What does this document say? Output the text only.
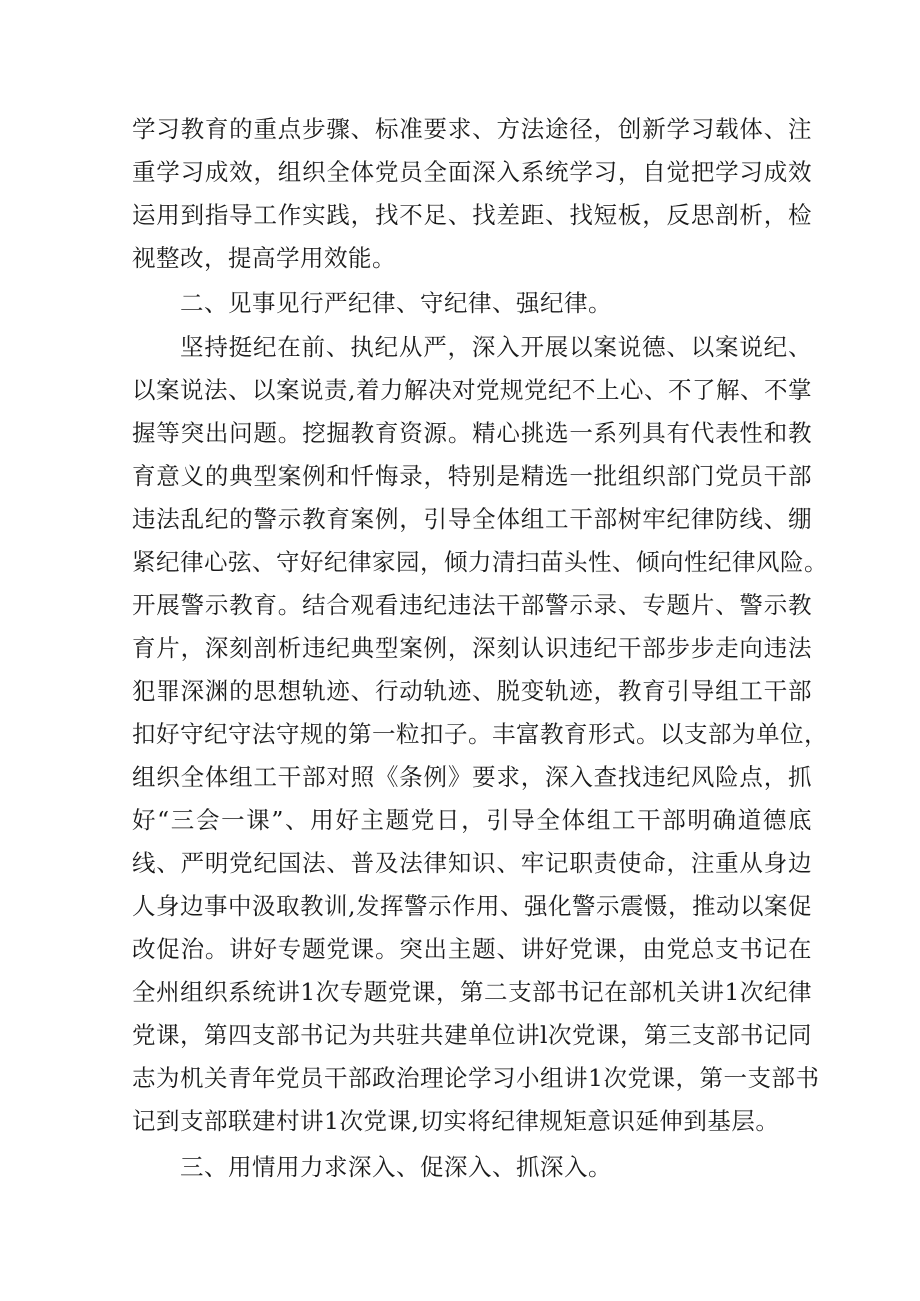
学习教育的重点步骤、标准要求、方法途径，创新学习载体、注
重学习成效，组织全体党员全面深入系统学习，自觉把学习成效
运用到指导工作实践，找不足、找差距、找短板，反思剖析，检
视整改，提高学用效能。
二、见事见行严纪律、守纪律、强纪律。
坚持挺纪在前、执纪从严，深入开展以案说德、以案说纪、
以案说法、以案说责,着力解决对党规党纪不上心、不了解、不掌
握等突出问题。挖掘教育资源。精心挑选一系列具有代表性和教
育意义的典型案例和忏悔录，特别是精选一批组织部门党员干部
违法乱纪的警示教育案例，引导全体组工干部树牢纪律防线、绷
紧纪律心弦、守好纪律家园，倾力清扫苗头性、倾向性纪律风险。
开展警示教育。结合观看违纪违法干部警示录、专题片、警示教
育片，深刻剖析违纪典型案例，深刻认识违纪干部步步走向违法
犯罪深渊的思想轨迹、行动轨迹、脱变轨迹，教育引导组工干部
扣好守纪守法守规的第一粒扣子。丰富教育形式。以支部为单位，
组织全体组工干部对照《条例》要求，深入查找违纪风险点，抓
好“三会一课”、用好主题党日，引导全体组工干部明确道德底
线、严明党纪国法、普及法律知识、牢记职责使命，注重从身边
人身边事中汲取教训,发挥警示作用、强化警示震慑，推动以案促
改促治。讲好专题党课。突出主题、讲好党课，由党总支书记在
全州组织系统讲1次专题党课，第二支部书记在部机关讲1次纪律
党课，第四支部书记为共驻共建单位讲l次党课，第三支部书记同
志为机关青年党员干部政治理论学习小组讲1次党课，第一支部书
记到支部联建村讲1次党课,切实将纪律规矩意识延伸到基层。
三、用情用力求深入、促深入、抓深入。
